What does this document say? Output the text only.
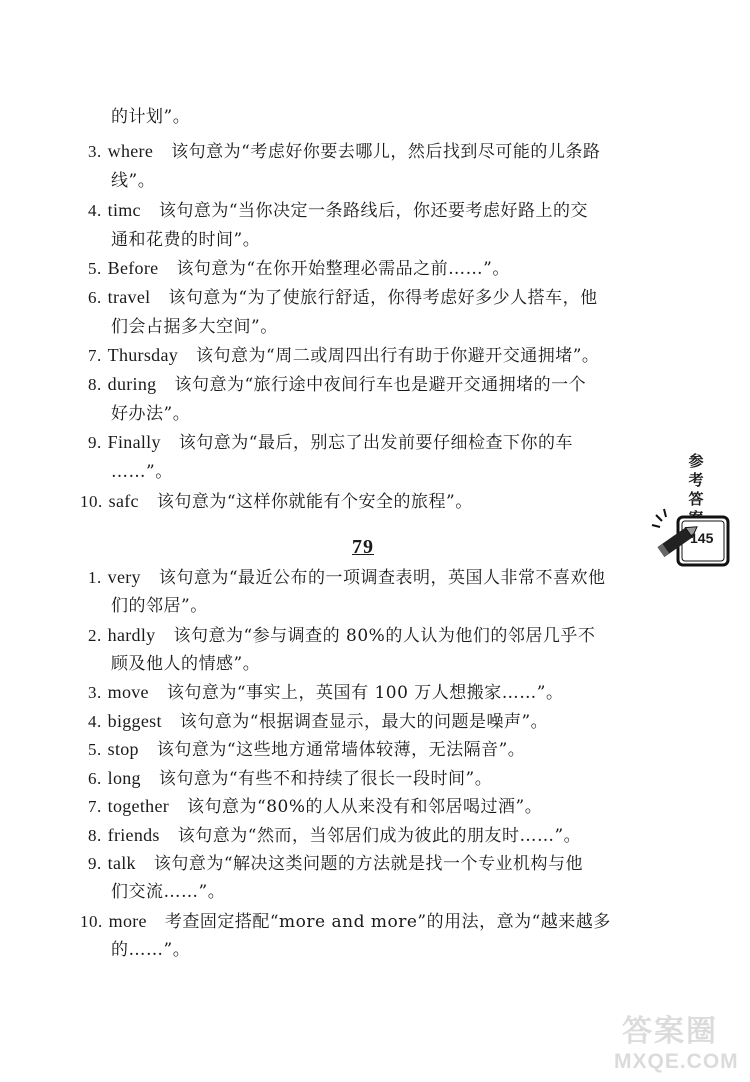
3. where 该句意为“考虑好你要去哪儿，然后找到尽可能的儿条路
线”。
4. timc 该句意为“当你决定一条路线后，你还要考虑好路上的交
通和花费的时间”。
5. Before 该句意为“在你开始整理必需品之前……”。
6. travel 该句意为“为了使旅行舒适，你得考虑好多少人搭车，他
们会占据多大空间”。
7. Thursday 该句意为“周二或周四出行有助于你避开交通拥堵”。
8. during 该句意为“旅行途中夜间行车也是避开交通拥堵的一个
好办法”。
9. Finally 该句意为“最后，别忘了出发前要仔细检查下你的车
……”。
10. safc 该句意为“这样你就能有个安全的旅程”。
1. very 该句意为“最近公布的一项调查表明，英国人非常不喜欢他
们的邻居”。
2. hardly 该句意为“参与调查的 80%的人认为他们的邻居几乎不
顾及他人的情感”。
3. move 该句意为“事实上，英国有 100 万人想搬家……”。
4. biggest 该句意为“根据调查显示，最大的问题是噪声”。
5. stop 该句意为“这些地方通常墙体较薄，无法隔音”。
6. long 该句意为“有些不和持续了很长一段时间”。
7. together 该句意为“80%的人从来没有和邻居喝过酒”。
8. friends 该句意为“然而，当邻居们成为彼此的朋友时……”。
9. talk 该句意为“解决这类问题的方法就是找一个专业机构与他
们交流……”。
10. more 考查固定搭配“more and more”的用法，意为“越来越多
的……”。
的计划”。
79
参
考
答
145
答案圈
MXQE.COM
